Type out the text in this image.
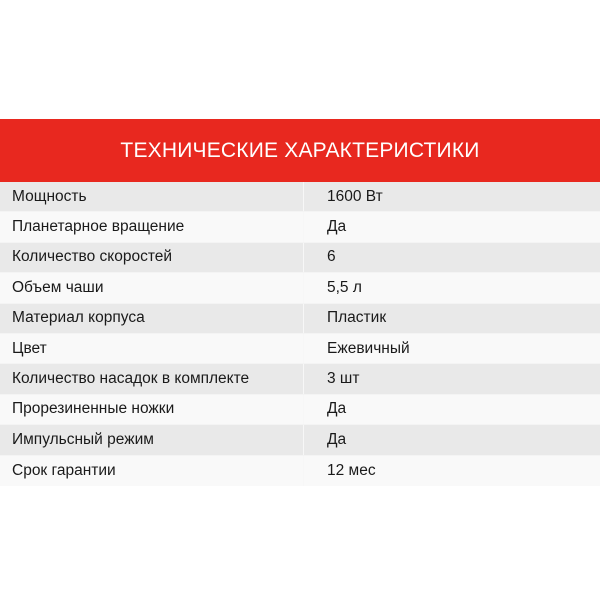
ТЕХНИЧЕСКИЕ ХАРАКТЕРИСТИКИ
Мощность	1600 Вт
Планетарное вращение	Да
Количество скоростей	6
Объем чаши	5,5 л
Материал корпуса	Пластик
Цвет	Ежевичный
Количество насадок в комплекте	3 шт
Прорезиненные ножки	Да
Импульсный режим	Да
Срок гарантии	12 мес
